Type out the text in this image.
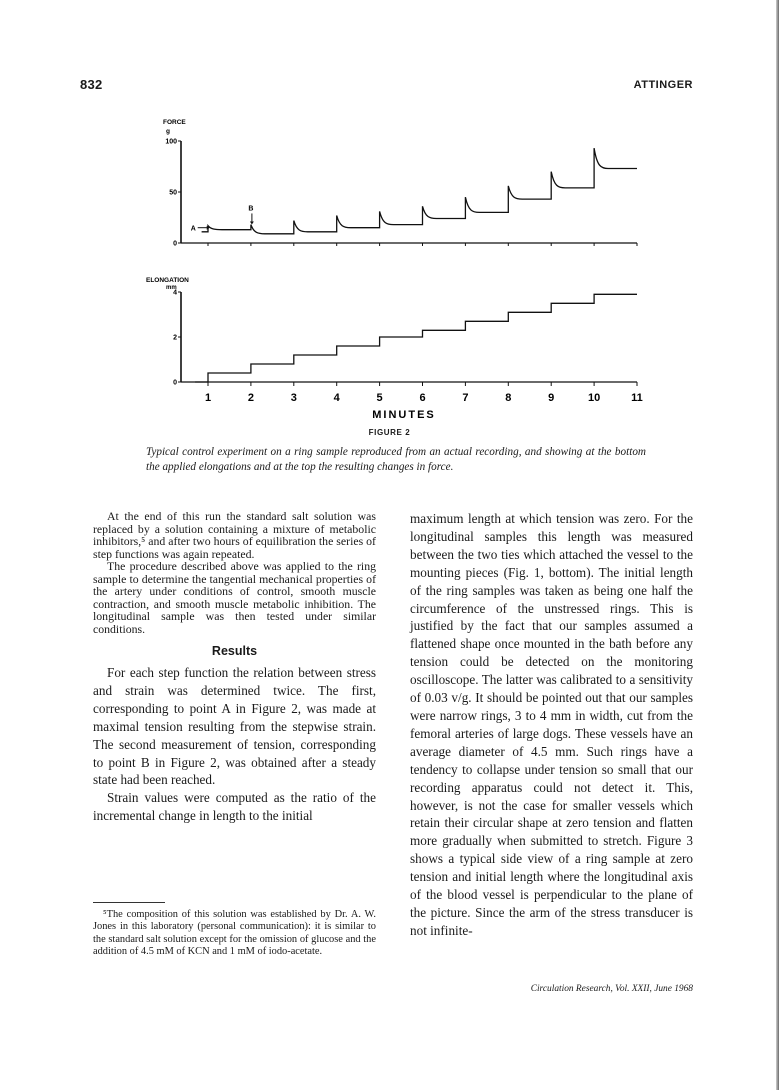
832	ATTINGER
FORCE
g
0
50
100
A
B
ELONGATION
mm
0
2
4
1	2	3	4	5	6	7	8	9	10	11
MINUTES
FIGURE 2
Typical control experiment on a ring sample reproduced from an actual recording, and showing at the bottom the applied elongations and at the top the resulting changes in force.

At the end of this run the standard salt solution was replaced by a solution containing a mixture of metabolic inhibitors,⁵ and after two hours of equilibration the series of step functions was again repeated.

The procedure described above was applied to the ring sample to determine the tangential mechanical properties of the artery under conditions of control, smooth muscle contraction, and smooth muscle metabolic inhibition. The longitudinal sample was then tested under similar conditions.

Results

For each step function the relation between stress and strain was determined twice. The first, corresponding to point A in Figure 2, was made at maximal tension resulting from the stepwise strain. The second measurement of tension, corresponding to point B in Figure 2, was obtained after a steady state had been reached.

Strain values were computed as the ratio of the incremental change in length to the initial

maximum length at which tension was zero. For the longitudinal samples this length was measured between the two ties which attached the vessel to the mounting pieces (Fig. 1, bottom). The initial length of the ring samples was taken as being one half the circumference of the unstressed rings. This is justified by the fact that our samples assumed a flattened shape once mounted in the bath before any tension could be detected on the monitoring oscilloscope. The latter was calibrated to a sensitivity of 0.03 v/g. It should be pointed out that our samples were narrow rings, 3 to 4 mm in width, cut from the femoral arteries of large dogs. These vessels have an average diameter of 4.5 mm. Such rings have a tendency to collapse under tension so small that our recording apparatus could not detect it. This, however, is not the case for smaller vessels which retain their circular shape at zero tension and flatten more gradually when submitted to stretch. Figure 3 shows a typical side view of a ring sample at zero tension and initial length where the longitudinal axis of the blood vessel is perpendicular to the plane of the picture. Since the arm of the stress transducer is not infinite-

⁵The composition of this solution was established by Dr. A. W. Jones in this laboratory (personal communication): it is similar to the standard salt solution except for the omission of glucose and the addition of 4.5 mM of KCN and 1 mM of iodo-acetate.

Circulation Research, Vol. XXII, June 1968
